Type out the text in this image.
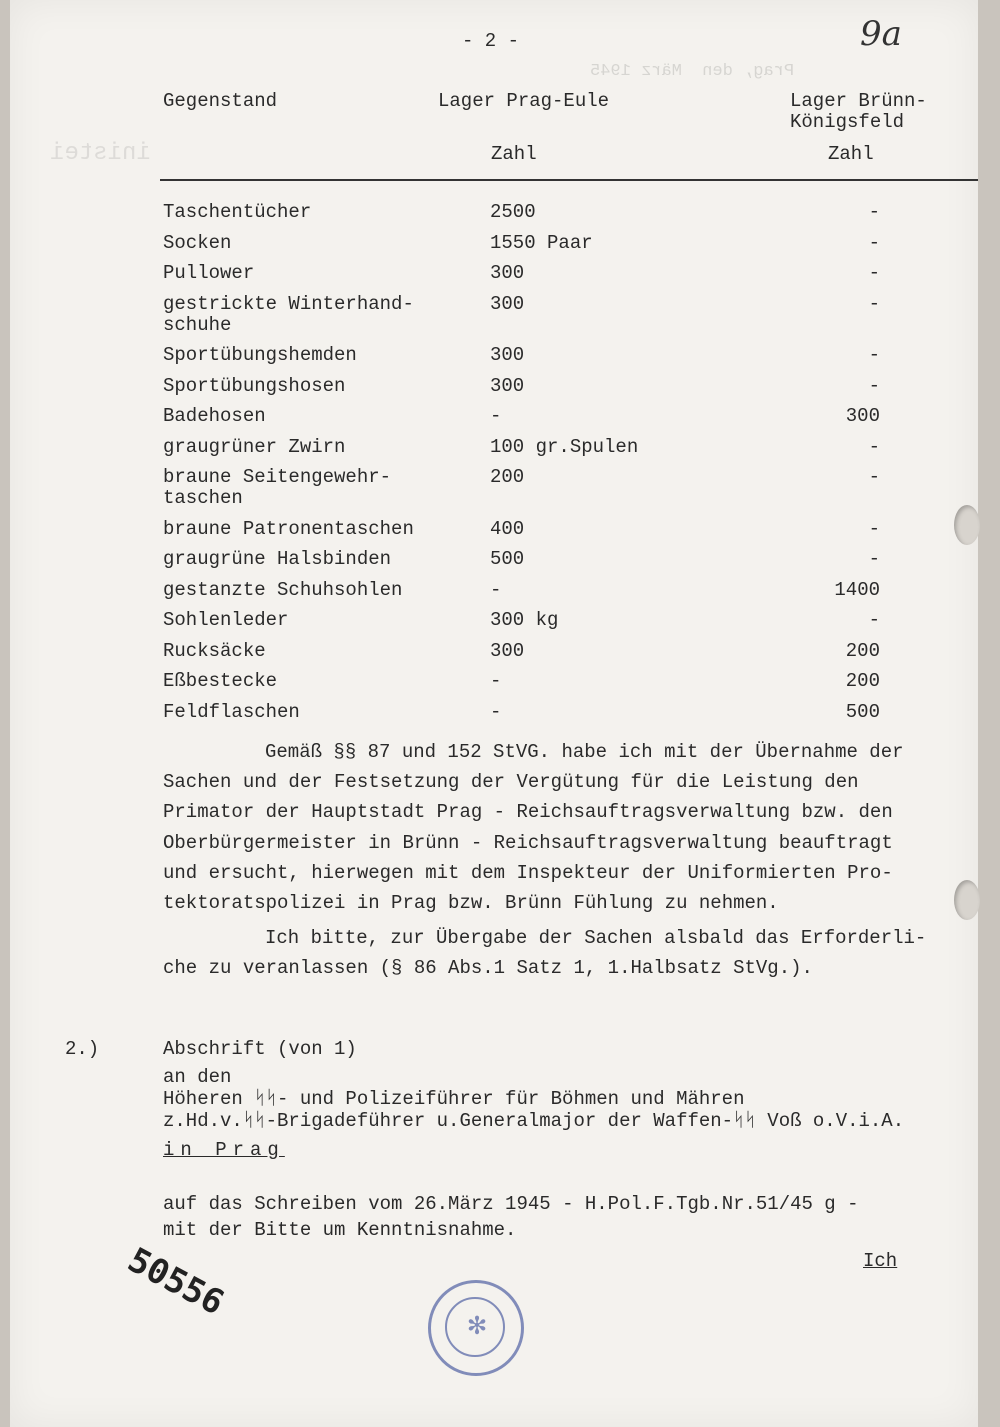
Prag, den  März 1945
inistei
- 2 -	9a
Gegenstand	Lager Prag-Eule	Lager Brünn-
Königsfeld
Zahl	Zahl
Taschentücher	2500	-
Socken	1550 Paar	-
Pullower	300	-
gestrickte Winterhand-
schuhe
300	-
Sportübungshemden	300	-
Sportübungshosen	300	-
Badehosen	-	300
graugrüner Zwirn	100 gr.Spulen	-
braune Seitengewehr-
taschen
200	-
braune Patronentaschen	400	-
graugrüne Halsbinden	500	-
gestanzte Schuhsohlen	-	1400
Sohlenleder	300 kg	-
Rucksäcke	300	200
Eßbestecke	-	200
Feldflaschen	-	500
Gemäß §§ 87 und 152 StVG. habe ich mit der Übernahme der
Sachen und der Festsetzung der Vergütung für die Leistung den
Primator der Hauptstadt Prag - Reichsauftragsverwaltung bzw. den
Oberbürgermeister in Brünn - Reichsauftragsverwaltung beauftragt
und ersucht, hierwegen mit dem Inspekteur der Uniformierten Pro-
tektoratspolizei in Prag bzw. Brünn Fühlung zu nehmen.
Ich bitte, zur Übergabe der Sachen alsbald das Erforderli-
che zu veranlassen (§ 86 Abs.1 Satz 1, 1.Halbsatz StVg.).
2.)	Abschrift (von 1)
an den
Höheren ᛋᛋ- und Polizeiführer für Böhmen und Mähren
z.Hd.v.ᛋᛋ-Brigadeführer u.Generalmajor der Waffen-ᛋᛋ Voß o.V.i.A.
in Prag
auf das Schreiben vom 26.März 1945 - H.Pol.F.Tgb.Nr.51/45 g -
mit der Bitte um Kenntnisnahme.
Ich
50556
✻
